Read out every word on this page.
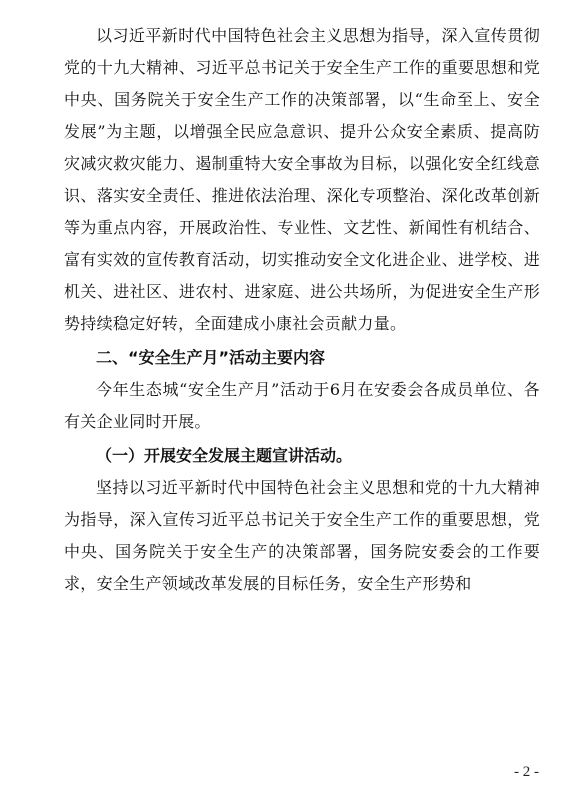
以习近平新时代中国特色社会主义思想为指导，深入宣传贯彻党的十九大精神、习近平总书记关于安全生产工作的重要思想和党中央、国务院关于安全生产工作的决策部署，以“生命至上、安全发展”为主题，以增强全民应急意识、提升公众安全素质、提高防灾减灾救灾能力、遏制重特大安全事故为目标，以强化安全红线意识、落实安全责任、推进依法治理、深化专项整治、深化改革创新等为重点内容，开展政治性、专业性、文艺性、新闻性有机结合、富有实效的宣传教育活动，切实推动安全文化进企业、进学校、进机关、进社区、进农村、进家庭、进公共场所，为促进安全生产形势持续稳定好转，全面建成小康社会贡献力量。

二、“安全生产月”活动主要内容

今年生态城“安全生产月”活动于6月在安委会各成员单位、各有关企业同时开展。

（一）开展安全发展主题宣讲活动。

坚持以习近平新时代中国特色社会主义思想和党的十九大精神为指导，深入宣传习近平总书记关于安全生产工作的重要思想，党中央、国务院关于安全生产的决策部署，国务院安委会的工作要求，安全生产领域改革发展的目标任务，安全生产形势和

- 2 -
